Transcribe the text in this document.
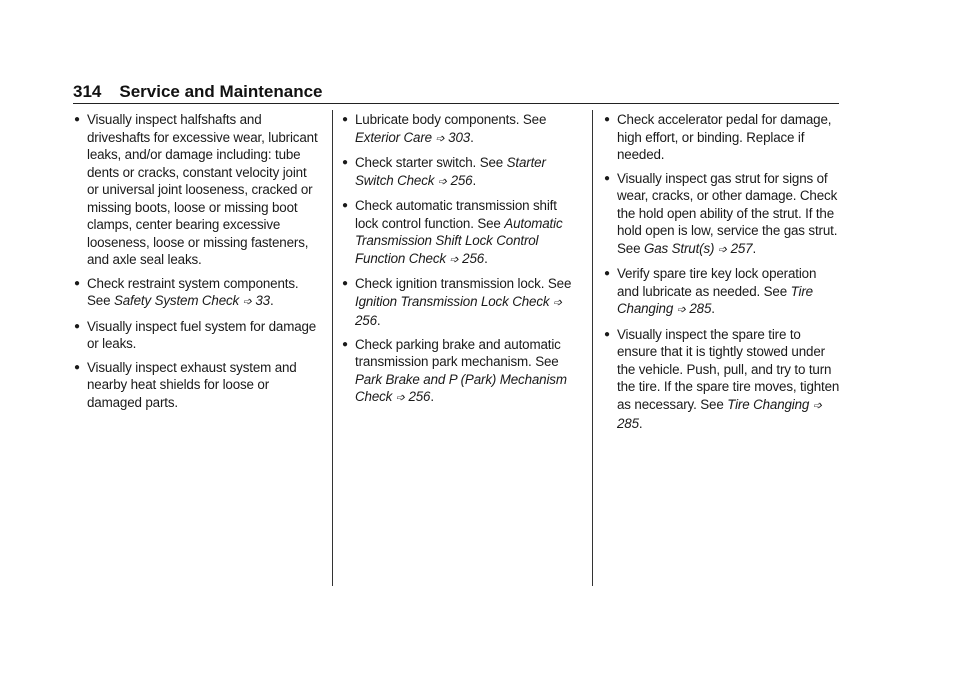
314 Service and Maintenance
● Visually inspect halfshafts and driveshafts for excessive wear, lubricant leaks, and/or damage including: tube dents or cracks, constant velocity joint or universal joint looseness, cracked or missing boots, loose or missing boot clamps, center bearing excessive looseness, loose or missing fasteners, and axle seal leaks.
● Check restraint system components. See Safety System Check ➩ 33.
● Visually inspect fuel system for damage or leaks.
● Visually inspect exhaust system and nearby heat shields for loose or damaged parts.
● Lubricate body components. See Exterior Care ➩ 303.
● Check starter switch. See Starter Switch Check ➩ 256.
● Check automatic transmission shift lock control function. See Automatic Transmission Shift Lock Control Function Check ➩ 256.
● Check ignition transmission lock. See Ignition Transmission Lock Check ➩ 256.
● Check parking brake and automatic transmission park mechanism. See Park Brake and P (Park) Mechanism Check ➩ 256.
● Check accelerator pedal for damage, high effort, or binding. Replace if needed.
● Visually inspect gas strut for signs of wear, cracks, or other damage. Check the hold open ability of the strut. If the hold open is low, service the gas strut. See Gas Strut(s) ➩ 257.
● Verify spare tire key lock operation and lubricate as needed. See Tire Changing ➩ 285.
● Visually inspect the spare tire to ensure that it is tightly stowed under the vehicle. Push, pull, and try to turn the tire. If the spare tire moves, tighten as necessary. See Tire Changing ➩ 285.
